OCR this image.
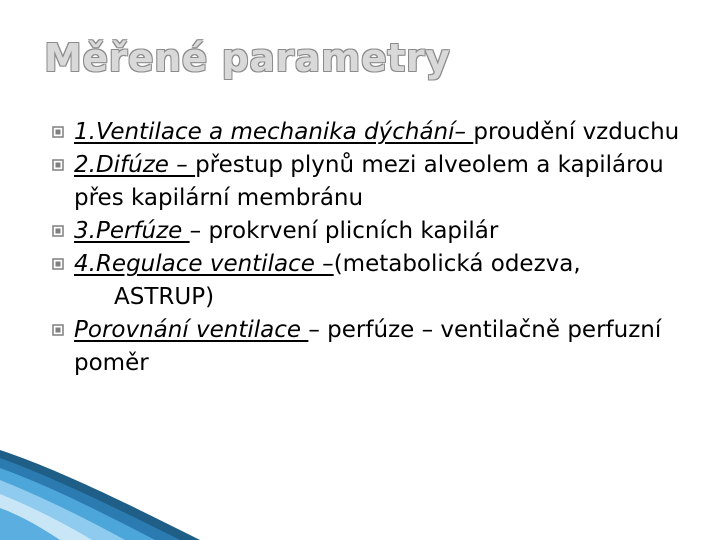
Měřené parametry
1.Ventilace a mechanika dýchání– proudění vzduchu
2.Difúze – přestup plynů mezi alveolem a kapilárou přes kapilární membránu
3.Perfúze – prokrvení plicních kapilár
4.Regulace ventilace –(metabolická odezva,
ASTRUP)
Porovnání ventilace – perfúze – ventilačně perfuzní poměr
